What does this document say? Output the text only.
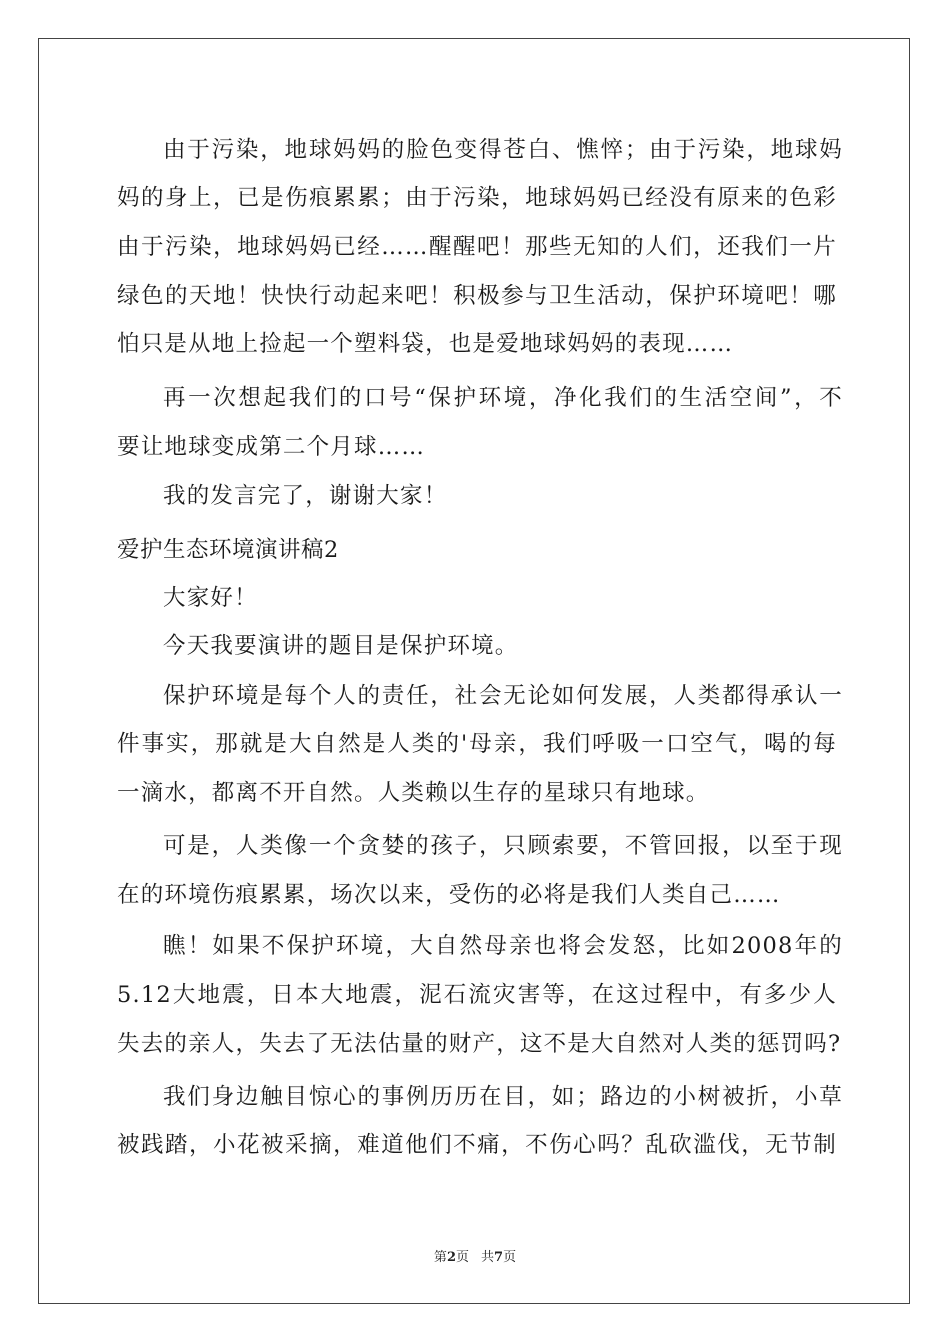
由于污染，地球妈妈的脸色变得苍白、憔悴；由于污染，地球妈
妈的身上，已是伤痕累累；由于污染，地球妈妈已经没有原来的色彩
由于污染，地球妈妈已经……醒醒吧！那些无知的人们，还我们一片
绿色的天地！快快行动起来吧！积极参与卫生活动，保护环境吧！哪
怕只是从地上捡起一个塑料袋，也是爱地球妈妈的表现……
再一次想起我们的口号“保护环境，净化我们的生活空间”，不
要让地球变成第二个月球……
我的发言完了，谢谢大家！
爱护生态环境演讲稿2
大家好！
今天我要演讲的题目是保护环境。
保护环境是每个人的责任，社会无论如何发展，人类都得承认一
件事实，那就是大自然是人类的'母亲，我们呼吸一口空气，喝的每
一滴水，都离不开自然。人类赖以生存的星球只有地球。
可是，人类像一个贪婪的孩子，只顾索要，不管回报，以至于现
在的环境伤痕累累，场次以来，受伤的必将是我们人类自己……
瞧！如果不保护环境，大自然母亲也将会发怒，比如2008年的
5.12大地震，日本大地震，泥石流灾害等，在这过程中，有多少人
失去的亲人，失去了无法估量的财产，这不是大自然对人类的惩罚吗?
我们身边触目惊心的事例历历在目，如；路边的小树被折，小草
被践踏，小花被采摘，难道他们不痛，不伤心吗？乱砍滥伐，无节制
第2页 共7页
